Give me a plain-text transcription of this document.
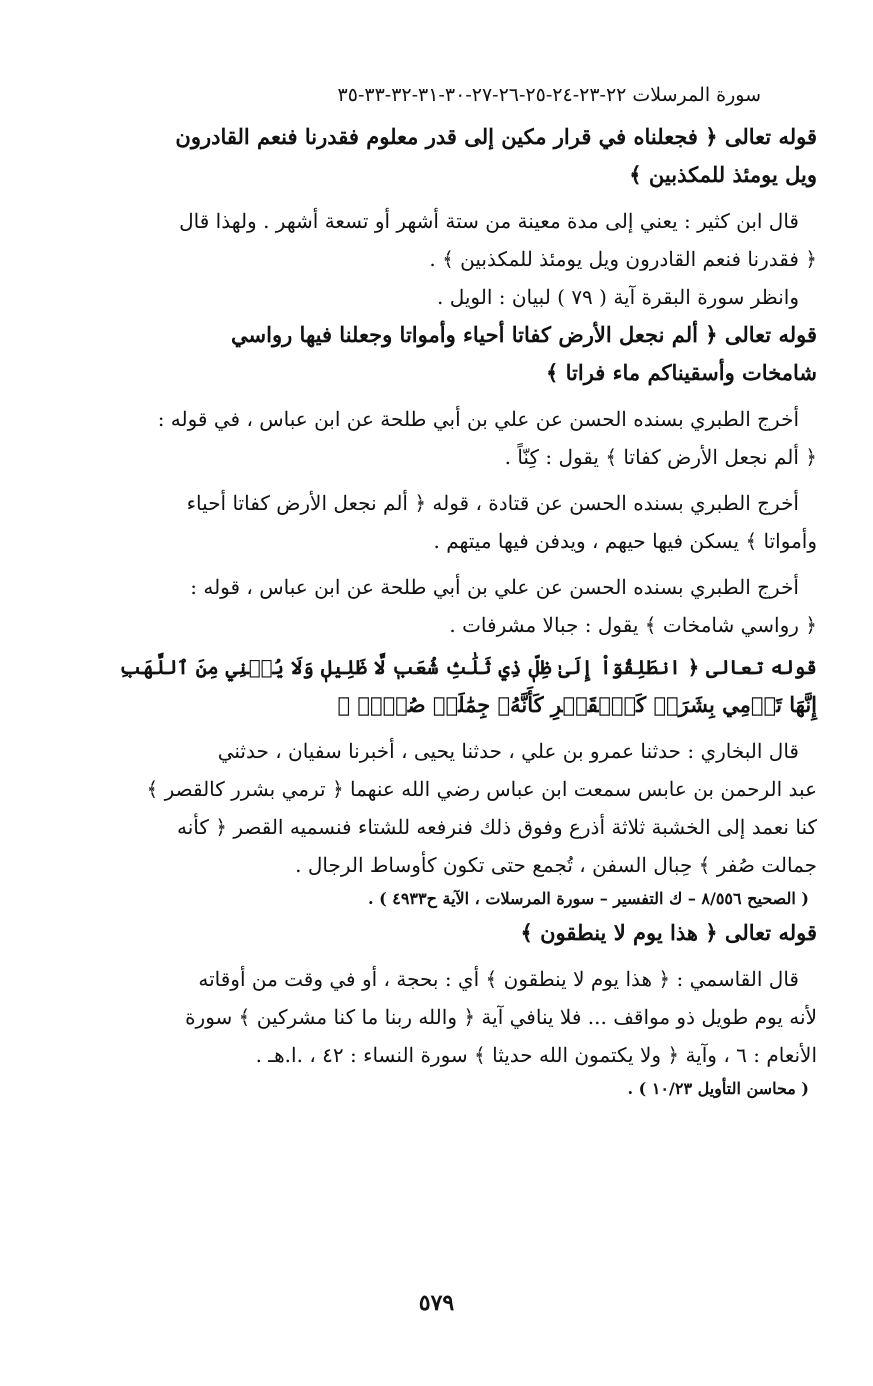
سورة المرسلات ٢٢-٢٣-٢٤-٢٥-٢٦-٢٧-٣٠-٣١-٣٢-٣٣-٣٥
قوله تعالى ﴿ فجعلناه في قرار مكين إلى قدر معلوم فقدرنا فنعم القادرون
ويل يومئذ للمكذبين ﴾
قال ابن كثير : يعني إلى مدة معينة من ستة أشهر أو تسعة أشهر . ولهذا قال
﴿ فقدرنا فنعم القادرون ويل يومئذ للمكذبين ﴾ .
وانظر سورة البقرة آية ( ٧٩ ) لبيان : الويل .
قوله تعالى ﴿ ألم نجعل الأرض كفاتا أحياء وأمواتا وجعلنا فيها رواسي
شامخات وأسقيناكم ماء فراتا ﴾
أخرج الطبري بسنده الحسن عن علي بن أبي طلحة عن ابن عباس ، في قوله :
﴿ ألم نجعل الأرض كفاتا ﴾ يقول : كِنّاً .
أخرج الطبري بسنده الحسن عن قتادة ، قوله ﴿ ألم نجعل الأرض كفاتا أحياء
وأمواتا ﴾ يسكن فيها حيهم ، ويدفن فيها ميتهم .
أخرج الطبري بسنده الحسن عن علي بن أبي طلحة عن ابن عباس ، قوله :
﴿ رواسي شامخات ﴾ يقول : جبالا مشرفات .
قوله تعالى ﴿ انطَلِقُوٓاْ إِلَىٰ ظِلّٖ ذِي ثَلَٰثِ شُعَبٖ لَّا ظَلِيلٖ وَلَا يُغۡنِي مِنَ ٱللَّهَبِ
إِنَّهَا تَرۡمِي بِشَرَرٖ كَٱلۡقَصۡرِ كَأَنَّهُۥ جِمَٰلَتٞ صُفۡرٞ ﴾
قال البخاري : حدثنا عمرو بن علي ، حدثنا يحيى ، أخبرنا سفيان ، حدثني
عبد الرحمن بن عابس سمعت ابن عباس رضي الله عنهما ﴿ ترمي بشرر كالقصر ﴾
كنا نعمد إلى الخشبة ثلاثة أذرع وفوق ذلك فنرفعه للشتاء فنسميه القصر ﴿ كأنه
جمالت صُفر ﴾ حِبال السفن ، تُجمع حتى تكون كأوساط الرجال .
( الصحيح ٨/٥٥٦ – ك التفسير – سورة المرسلات ، الآية ح٤٩٣٣ ) .
قوله تعالى ﴿ هذا يوم لا ينطقون ﴾
قال القاسمي : ﴿ هذا يوم لا ينطقون ﴾ أي : بحجة ، أو في وقت من أوقاته
لأنه يوم طويل ذو مواقف ... فلا ينافي آية ﴿ والله ربنا ما كنا مشركين ﴾ سورة
الأنعام : ٦ ، وآية ﴿ ولا يكتمون الله حديثا ﴾ سورة النساء : ٤٢ ، .ا.هـ .
( محاسن التأويل ١٠/٢٣ ) .
٥٧٩
